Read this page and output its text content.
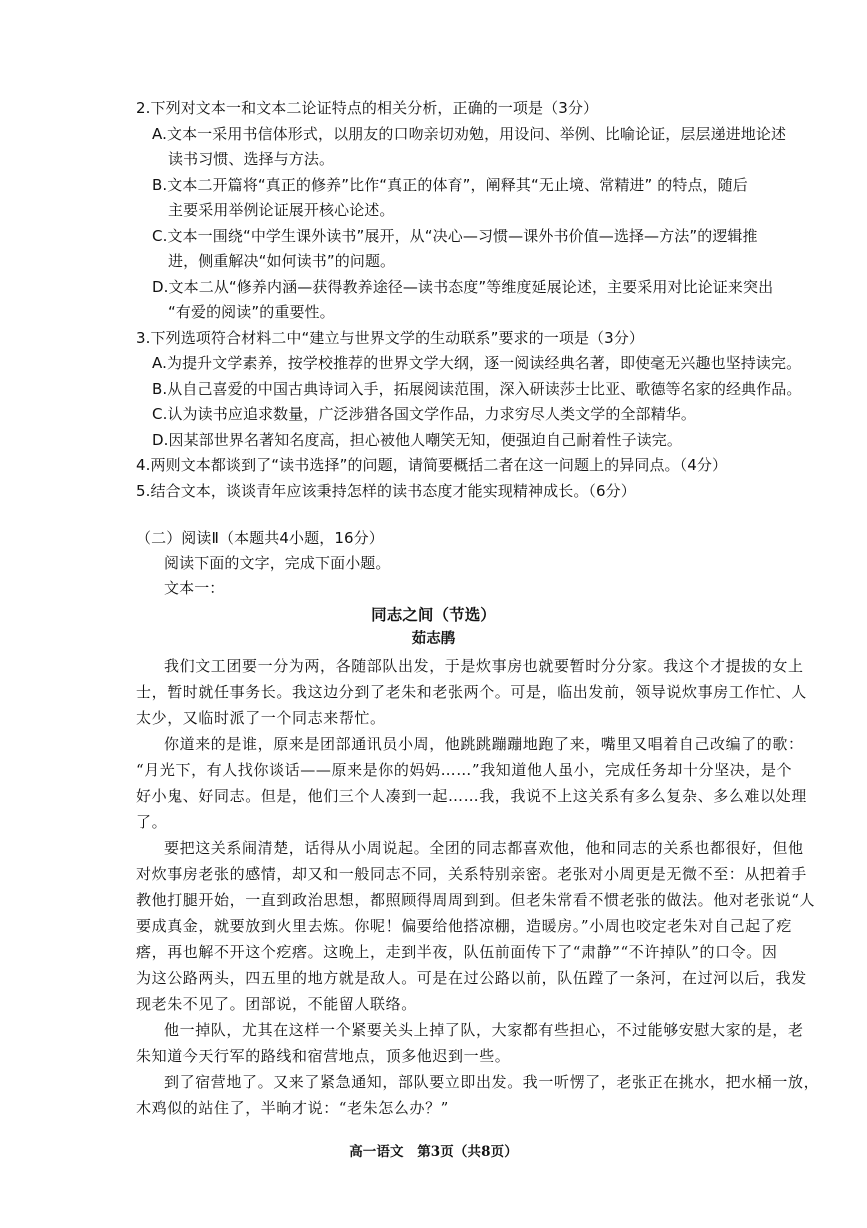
2.下列对文本一和文本二论证特点的相关分析，正确的一项是（3分）
A.文本一采用书信体形式，以朋友的口吻亲切劝勉，用设问、举例、比喻论证，层层递进地论述
读书习惯、选择与方法。
B.文本二开篇将“真正的修养”比作“真正的体育”，阐释其“无止境、常精进” 的特点，随后
主要采用举例论证展开核心论述。
C.文本一围绕“中学生课外读书”展开，从“决心—习惯—课外书价值—选择—方法”的逻辑推
进，侧重解决“如何读书”的问题。
D.文本二从“修养内涵—获得教养途径—读书态度”等维度延展论述，主要采用对比论证来突出
“有爱的阅读”的重要性。
3.下列选项符合材料二中“建立与世界文学的生动联系”要求的一项是（3分）
A.为提升文学素养，按学校推荐的世界文学大纲，逐一阅读经典名著，即使毫无兴趣也坚持读完。
B.从自己喜爱的中国古典诗词入手，拓展阅读范围，深入研读莎士比亚、歌德等名家的经典作品。
C.认为读书应追求数量，广泛涉猎各国文学作品，力求穷尽人类文学的全部精华。
D.因某部世界名著知名度高，担心被他人嘲笑无知，便强迫自己耐着性子读完。
4.两则文本都谈到了“读书选择”的问题，请简要概括二者在这一问题上的异同点。（4分）
5.结合文本，谈谈青年应该秉持怎样的读书态度才能实现精神成长。（6分）
（二）阅读Ⅱ（本题共4小题，16分）
阅读下面的文字，完成下面小题。
文本一：
同志之间（节选）
茹志鹃
我们文工团要一分为两，各随部队出发，于是炊事房也就要暂时分分家。我这个才提拔的女上
士，暂时就任事务长。我这边分到了老朱和老张两个。可是，临出发前，领导说炊事房工作忙、人
太少，又临时派了一个同志来帮忙。
你道来的是谁，原来是团部通讯员小周，他跳跳蹦蹦地跑了来，嘴里又唱着自己改编了的歌：
“月光下，有人找你谈话——原来是你的妈妈……”我知道他人虽小，完成任务却十分坚决，是个
好小鬼、好同志。但是，他们三个人凑到一起……我，我说不上这关系有多么复杂、多么难以处理
了。
要把这关系闹清楚，话得从小周说起。全团的同志都喜欢他，他和同志的关系也都很好，但他
对炊事房老张的感情，却又和一般同志不同，关系特别亲密。老张对小周更是无微不至：从把着手
教他打腿开始，一直到政治思想，都照顾得周周到到。但老朱常看不惯老张的做法。他对老张说“人
要成真金，就要放到火里去炼。你呢！偏要给他搭凉棚，造暖房。”小周也咬定老朱对自己起了疙
瘩，再也解不开这个疙瘩。这晚上，走到半夜，队伍前面传下了“肃静”“不许掉队”的口令。因
为这公路两头，四五里的地方就是敌人。可是在过公路以前，队伍蹚了一条河，在过河以后，我发
现老朱不见了。团部说，不能留人联络。
他一掉队，尤其在这样一个紧要关头上掉了队，大家都有些担心，不过能够安慰大家的是，老
朱知道今天行军的路线和宿营地点，顶多他迟到一些。
到了宿营地了。又来了紧急通知，部队要立即出发。我一听愣了，老张正在挑水，把水桶一放，
木鸡似的站住了，半晌才说：“老朱怎么办？”
高一语文　第3页（共8页）
